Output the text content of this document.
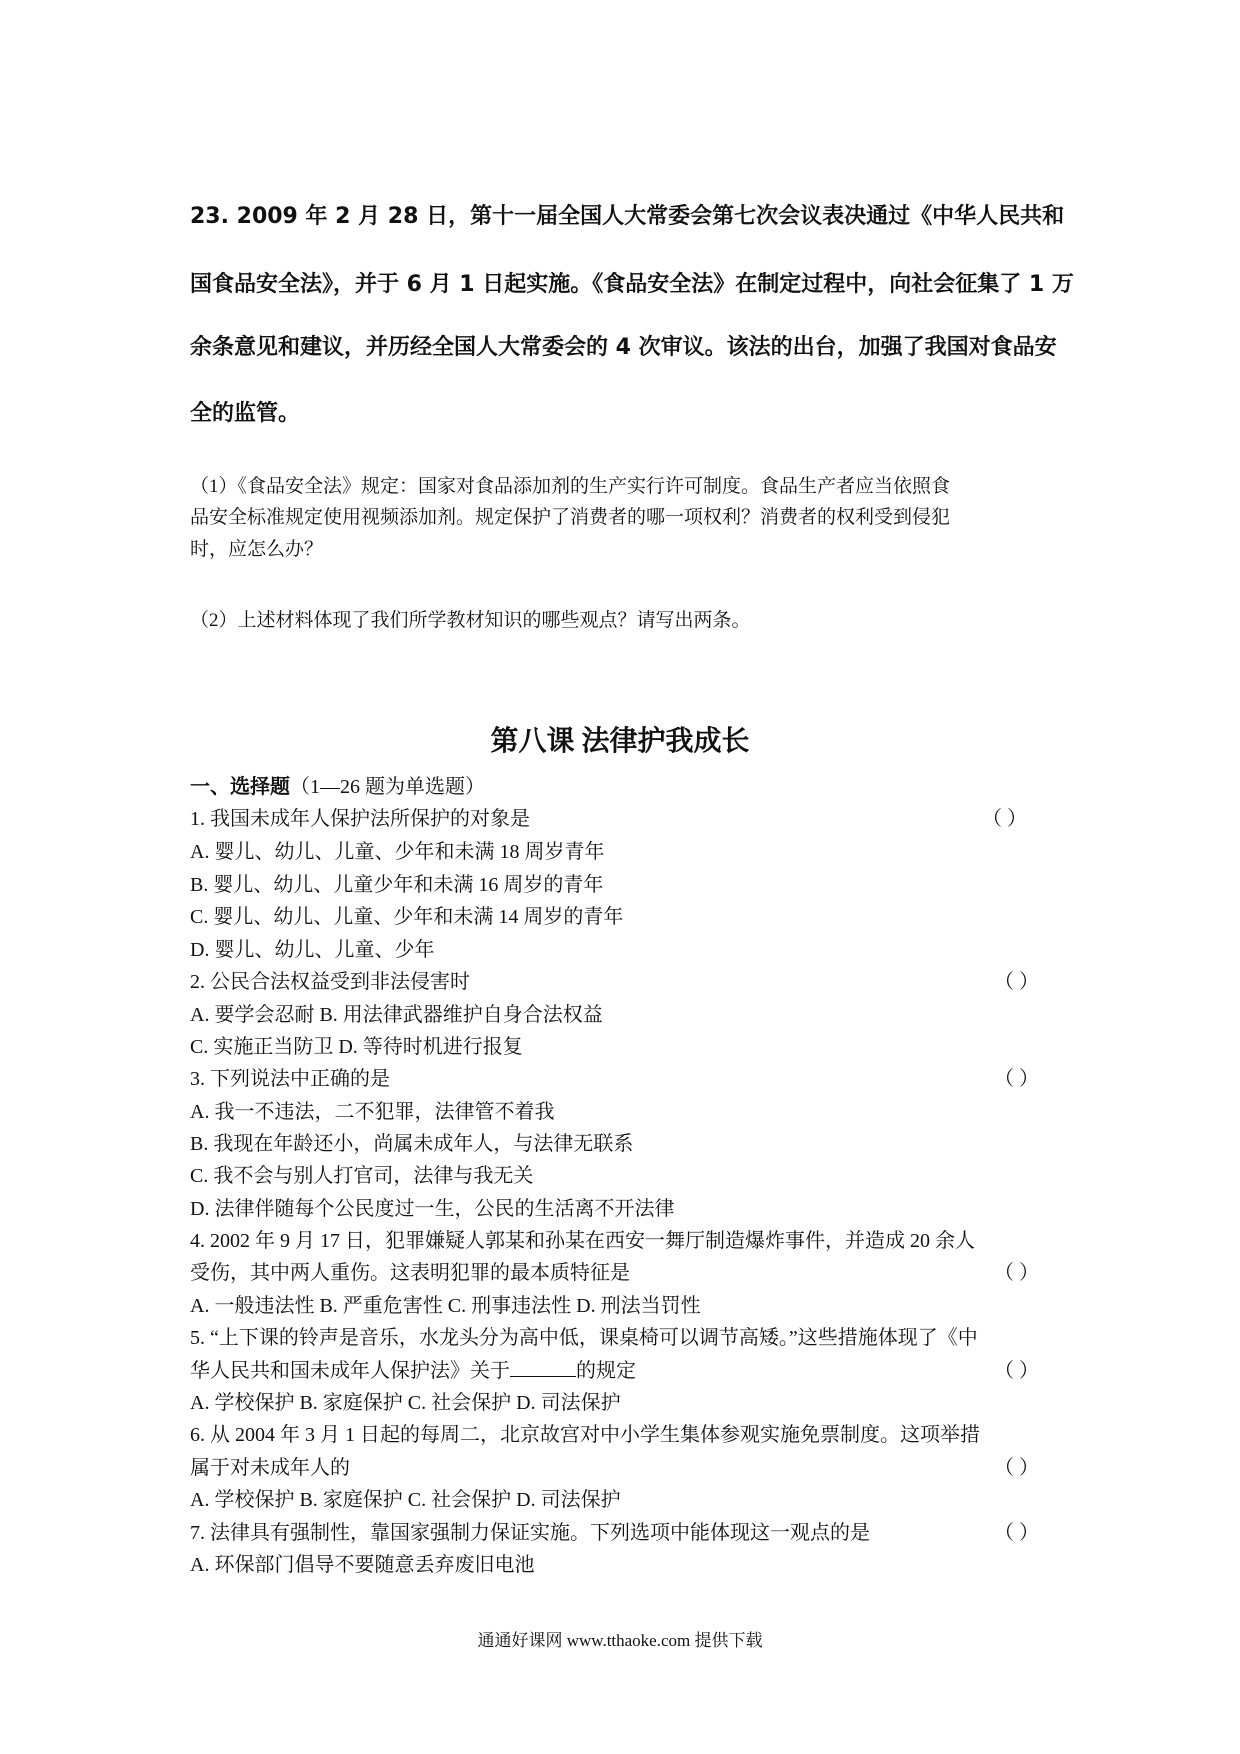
23. 2009 年 2 月 28 日，第十一届全国人大常委会第七次会议表决通过《中华人民共和
国食品安全法》，并于 6 月 1 日起实施。《食品安全法》在制定过程中，向社会征集了 1 万
余条意见和建议，并历经全国人大常委会的 4 次审议。该法的出台，加强了我国对食品安
全的监管。
（1）《食品安全法》规定：国家对食品添加剂的生产实行许可制度。食品生产者应当依照食
品安全标准规定使用视频添加剂。规定保护了消费者的哪一项权利？消费者的权利受到侵犯
时，应怎么办？
（2）上述材料体现了我们所学教材知识的哪些观点？请写出两条。
第八课 法律护我成长
一、选择题（1—26 题为单选题）
1. 我国未成年人保护法所保护的对象是	（ ）
A. 婴儿、幼儿、儿童、少年和未满 18 周岁青年
B. 婴儿、幼儿、儿童少年和未满 16 周岁的青年
C. 婴儿、幼儿、儿童、少年和未满 14 周岁的青年
D. 婴儿、幼儿、儿童、少年
2. 公民合法权益受到非法侵害时	（ ）
A. 要学会忍耐 B. 用法律武器维护自身合法权益
C. 实施正当防卫 D. 等待时机进行报复
3. 下列说法中正确的是	（ ）
A. 我一不违法，二不犯罪，法律管不着我
B. 我现在年龄还小，尚属未成年人，与法律无联系
C. 我不会与别人打官司，法律与我无关
D. 法律伴随每个公民度过一生，公民的生活离不开法律
4. 2002 年 9 月 17 日，犯罪嫌疑人郭某和孙某在西安一舞厅制造爆炸事件，并造成 20 余人
受伤，其中两人重伤。这表明犯罪的最本质特征是	（ ）
A. 一般违法性 B. 严重危害性 C. 刑事违法性 D. 刑法当罚性
5. “上下课的铃声是音乐，水龙头分为高中低，课桌椅可以调节高矮。”这些措施体现了《中
华人民共和国未成年人保护法》关于	的规定	（ ）
A. 学校保护 B. 家庭保护 C. 社会保护 D. 司法保护
6. 从 2004 年 3 月 1 日起的每周二，北京故宫对中小学生集体参观实施免票制度。这项举措
属于对未成年人的	（ ）
A. 学校保护 B. 家庭保护 C. 社会保护 D. 司法保护
7. 法律具有强制性，靠国家强制力保证实施。下列选项中能体现这一观点的是	（ ）
A. 环保部门倡导不要随意丢弃废旧电池
通通好课网 www.tthaoke.com 提供下载
